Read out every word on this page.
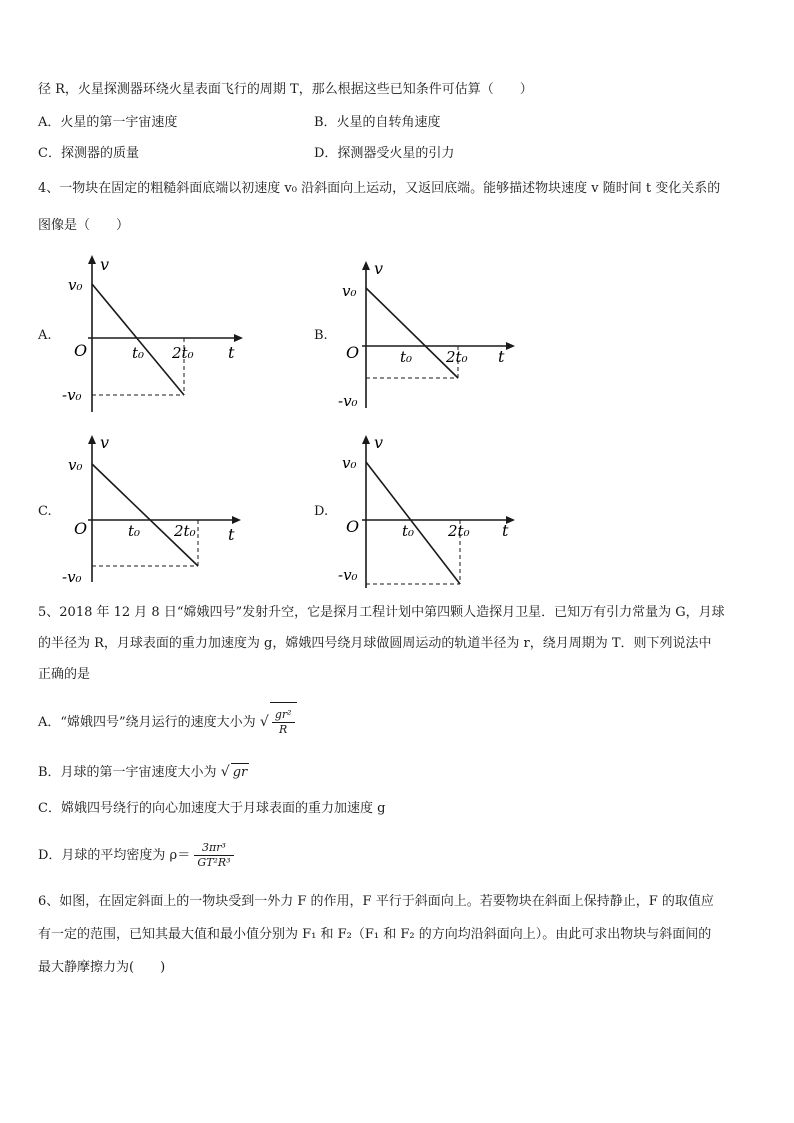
径 R，火星探测器环绕火星表面飞行的周期 T，那么根据这些已知条件可估算（　　）
A．火星的第一宇宙速度	B．火星的自转角速度
C．探测器的质量	D．探测器受火星的引力
4、一物块在固定的粗糙斜面底端以初速度 v₀ 沿斜面向上运动，又返回底端。能够描述物块速度 v 随时间 t 变化关系的
图像是（　　）
A.	B.
C.	D.
v
v₀
O	t₀ 2t₀ t
-v₀
v
v₀
O	t₀ 2t₀ t
-v₀
v
v₀
O	t₀ 2t₀ t
-v₀
v
v₀
O	t₀ 2t₀ t
-v₀
5、2018 年 12 月 8 日“嫦娥四号”发射升空，它是探月工程计划中第四颗人造探月卫星．已知万有引力常量为 G，月球
的半径为 R，月球表面的重力加速度为 g，嫦娥四号绕月球做圆周运动的轨道半径为 r，绕月周期为 T．则下列说法中
正确的是
A．“嫦娥四号”绕月运行的速度大小为 √ $\frac{\text{gr²}}{R}$
B．月球的第一宇宙速度大小为 √ gr
C．嫦娥四号绕行的向心加速度大于月球表面的重力加速度 g
D．月球的平均密度为 $\rho= \frac{\text{3πr³}}{\text{GT²R³}}$
6、如图，在固定斜面上的一物块受到一外力 F 的作用，F 平行于斜面向上。若要物块在斜面上保持静止，F 的取值应
有一定的范围，已知其最大值和最小值分别为 F₁ 和 F₂（F₁ 和 F₂ 的方向均沿斜面向上）。由此可求出物块与斜面间的
最大静摩擦力为(　　)
